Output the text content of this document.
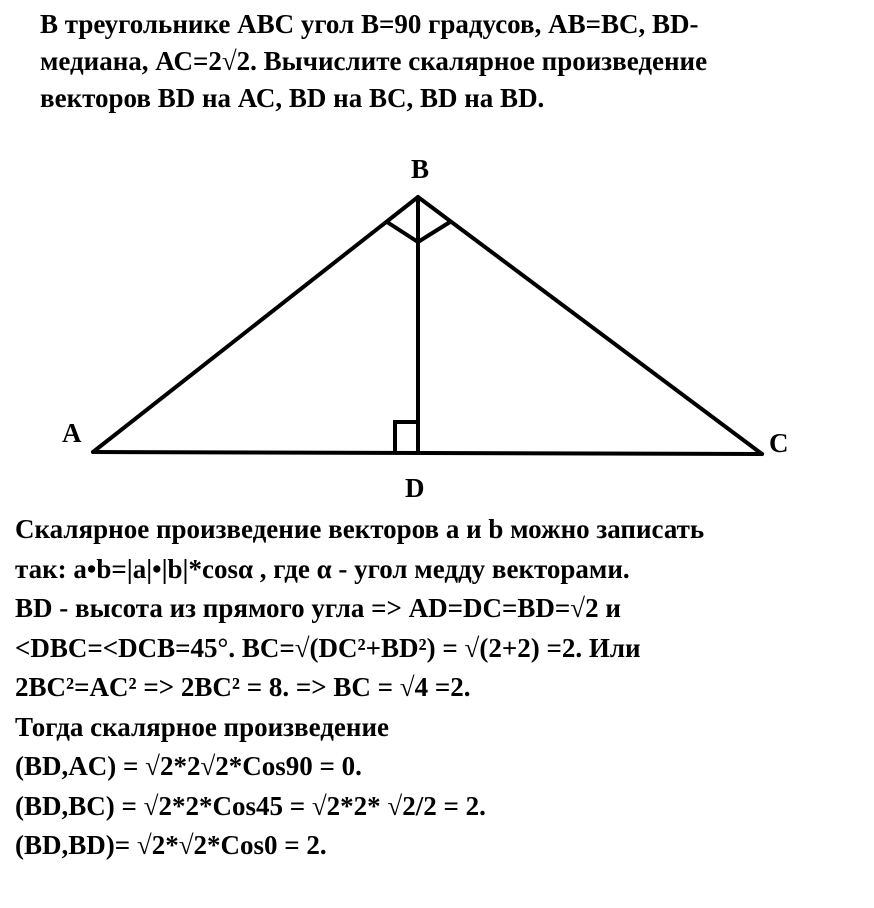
В треугольнике АВС угол В=90 градусов, АВ=ВС, BD-
медиана, АС=2√2. Вычислите скалярное произведение
векторов BD на АС, BD на BC, BD на BD.
A
B
C
D
Скалярное произведение векторов a и b можно записать
так: a•b=|a|•|b|*cosα , где α - угол медду векторами.
BD - высота из прямого угла => AD=DC=BD=√2 и
<DBC=<DCB=45°. BC=√(DC²+BD²) = √(2+2) =2. Или
2BC²=AC² => 2BC² = 8. => BC = √4 =2.
Тогда скалярное произведение
(BD,AC) = √2*2√2*Cos90 = 0.
(BD,BC) = √2*2*Cos45 = √2*2* √2/2 = 2.
(BD,BD)= √2*√2*Cos0 = 2.
